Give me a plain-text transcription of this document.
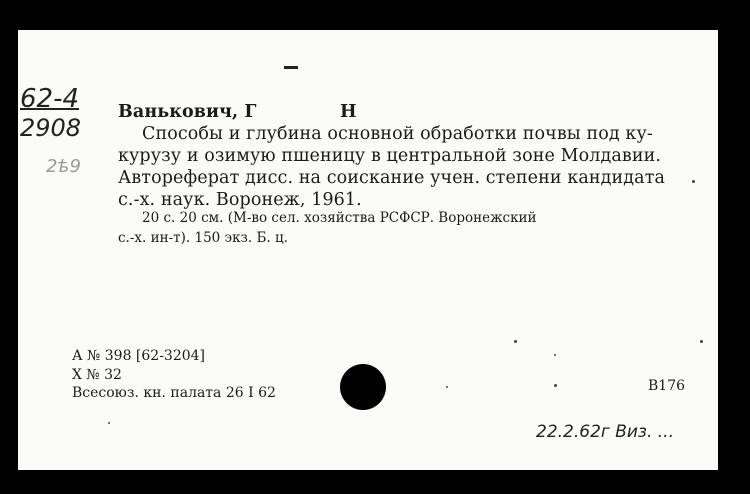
62-4
2908
2ѣ9
Ванькович, Г	Н
Способы и глубина основной обработки почвы под ку-
курузу и озимую пшеницу в центральной зоне Молдавии.
Автореферат дисс. на соискание учен. степени кандидата
с.-х. наук. Воронеж, 1961.
20 с. 20 см. (М-во сел. хозяйства РСФСР. Воронежский
с.-х. ин-т). 150 экз. Б. ц.
А № 398 [62-3204]
Х № 32
Всесоюз. кн. палата 26 I 62	В176
22.2.62г Виз. ...
